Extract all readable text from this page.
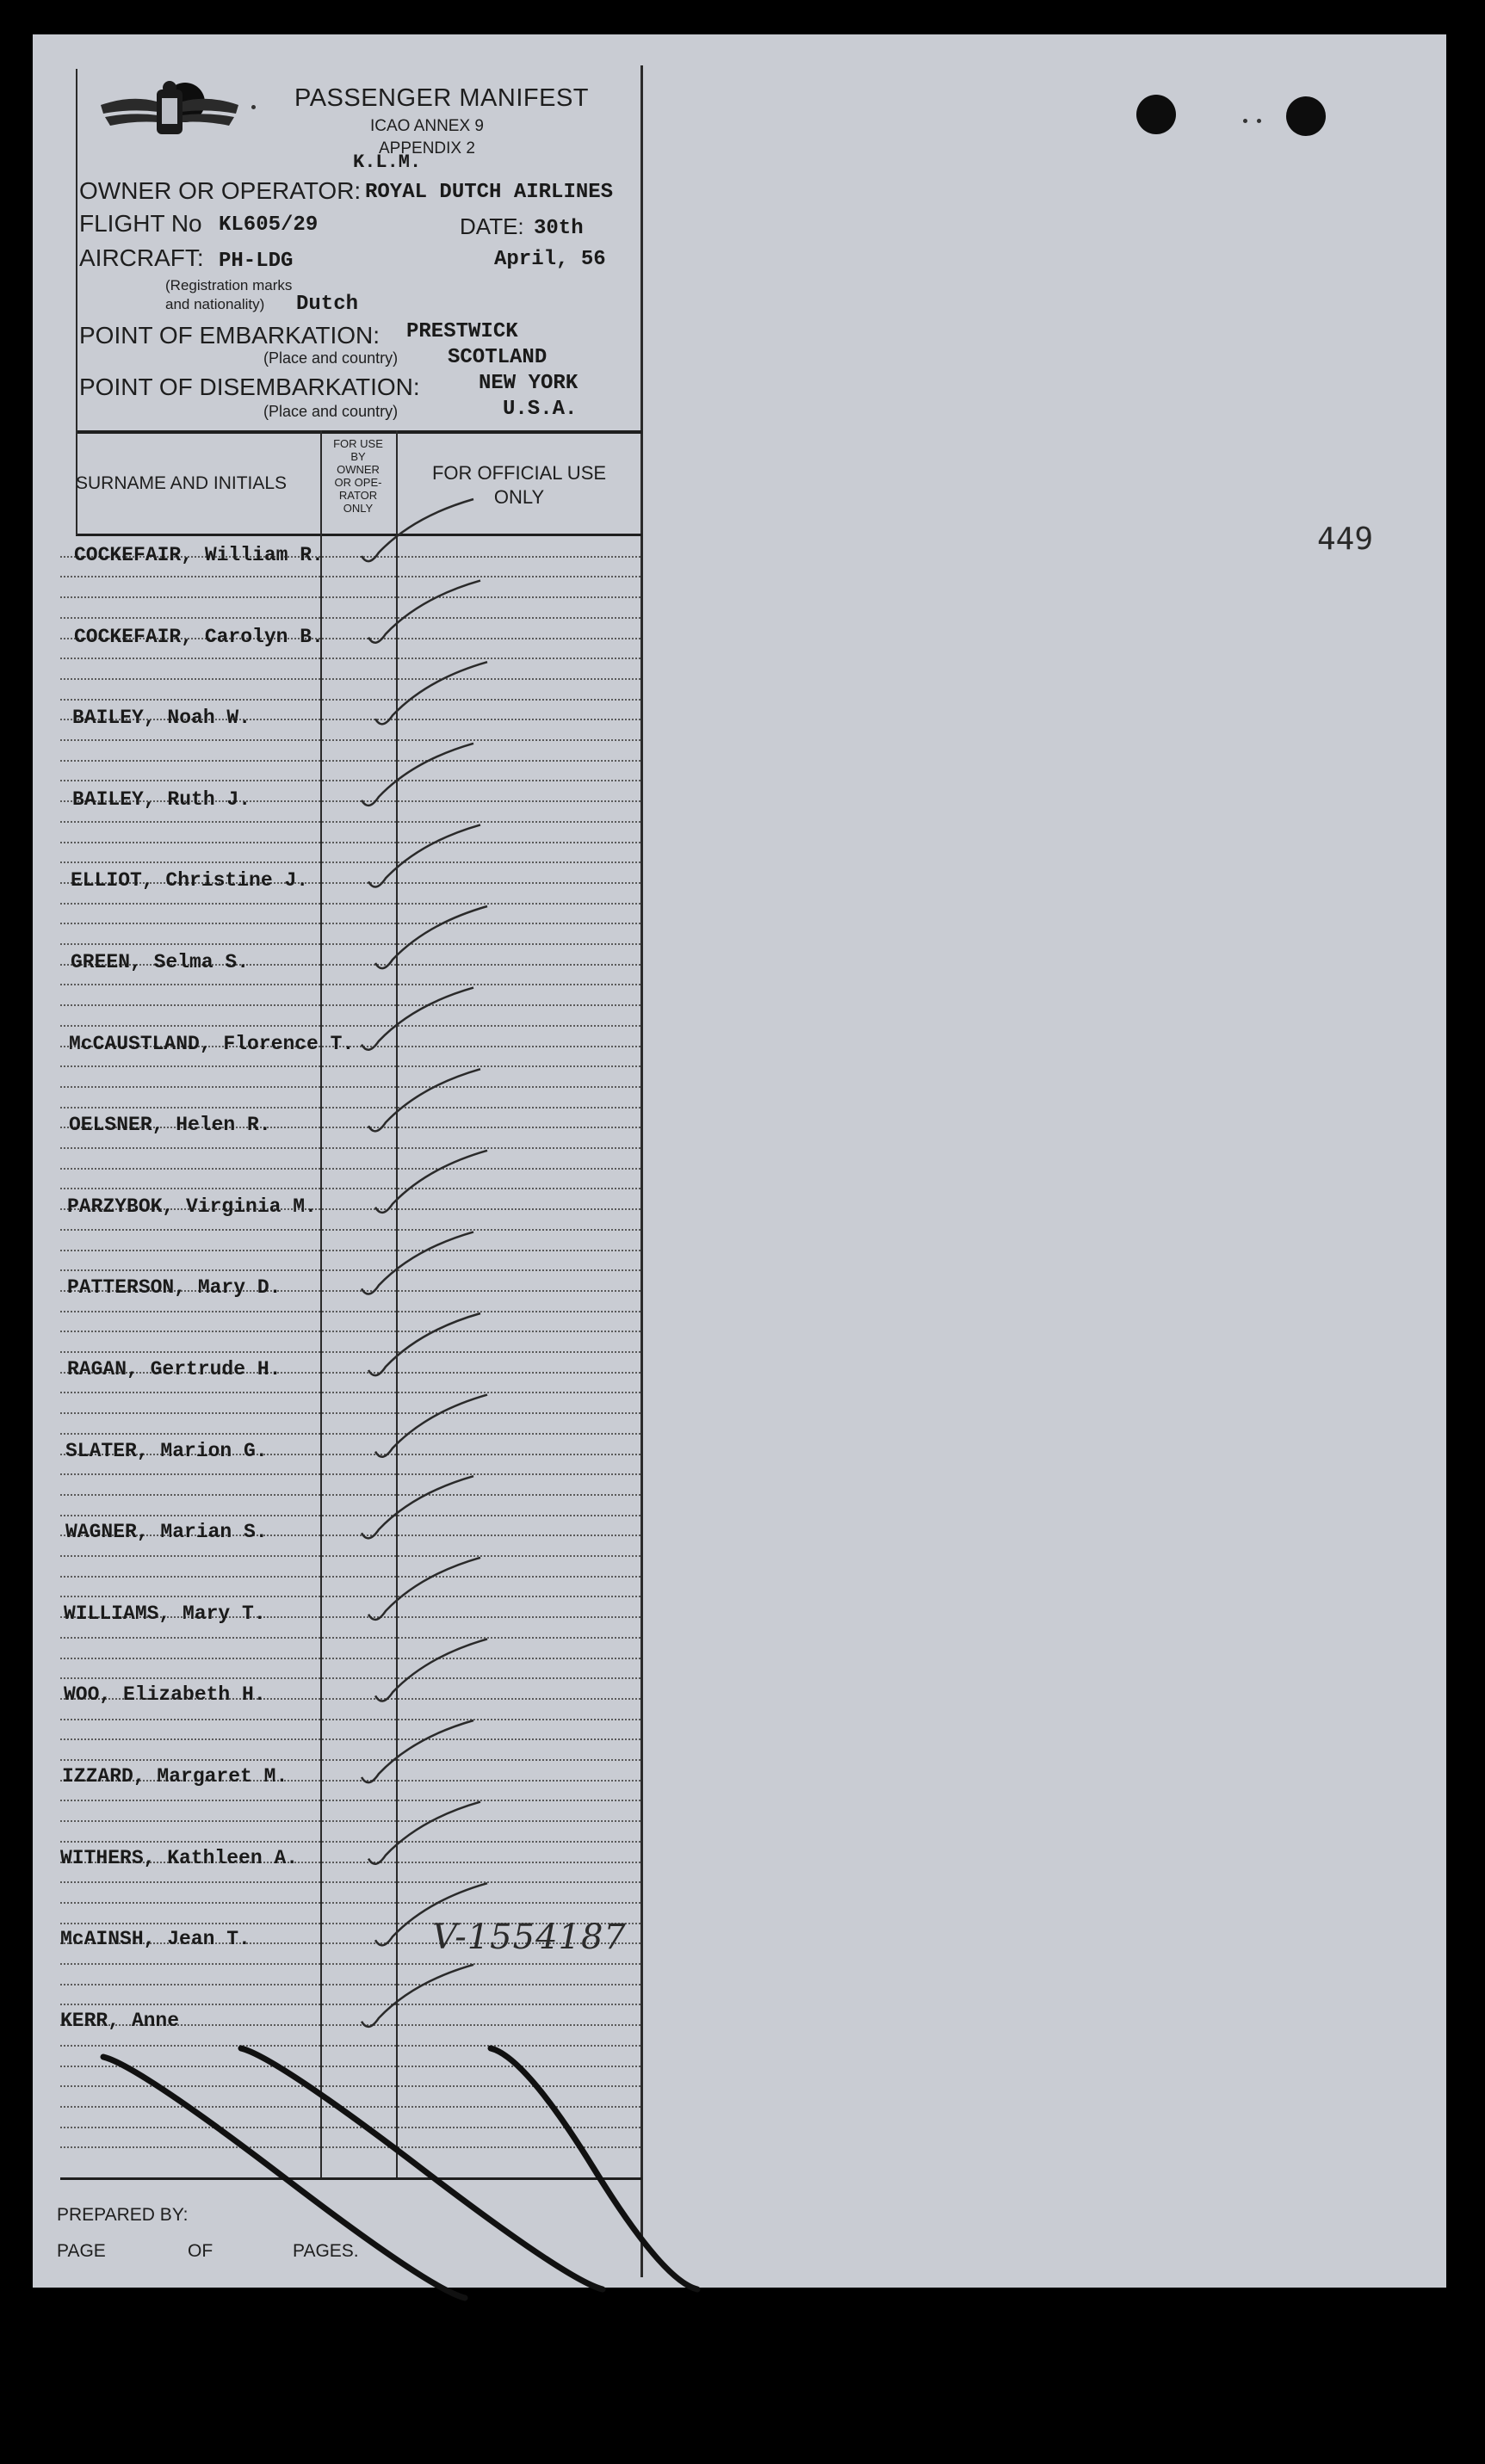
PASSENGER MANIFEST
ICAO ANNEX 9
APPENDIX 2
K.L.M.
OWNER OR OPERATOR: ROYAL DUTCH AIRLINES
FLIGHT No KL605/29	DATE: 30th
AIRCRAFT: PH-LDG	April, 56
(Registration marks
and nationality) Dutch
POINT OF EMBARKATION: PRESTWICK
(Place and country) SCOTLAND
POINT OF DISEMBARKATION:	NEW YORK
(Place and country)	U.S.A.
SURNAME AND INITIALS
FOR USE
BY
OWNER
OR OPE-
RATOR
ONLY
FOR OFFICIAL USE
ONLY
COCKEFAIR, William R.
COCKEFAIR, Carolyn B.
BAILEY, Noah W.
BAILEY, Ruth J.
ELLIOT, Christine J.
GREEN, Selma S.
McCAUSTLAND, Florence T.
OELSNER, Helen R.
PARZYBOK, Virginia M.
PATTERSON, Mary D.
RAGAN, Gertrude H.
SLATER, Marion G.
WAGNER, Marian S.
WILLIAMS, Mary T.
WOO, Elizabeth H.
IZZARD, Margaret M.
WITHERS, Kathleen A.
McAINSH, Jean T.
KERR, Anne
PREPARED BY:
PAGE	OF	PAGES.
V-1554187
449
